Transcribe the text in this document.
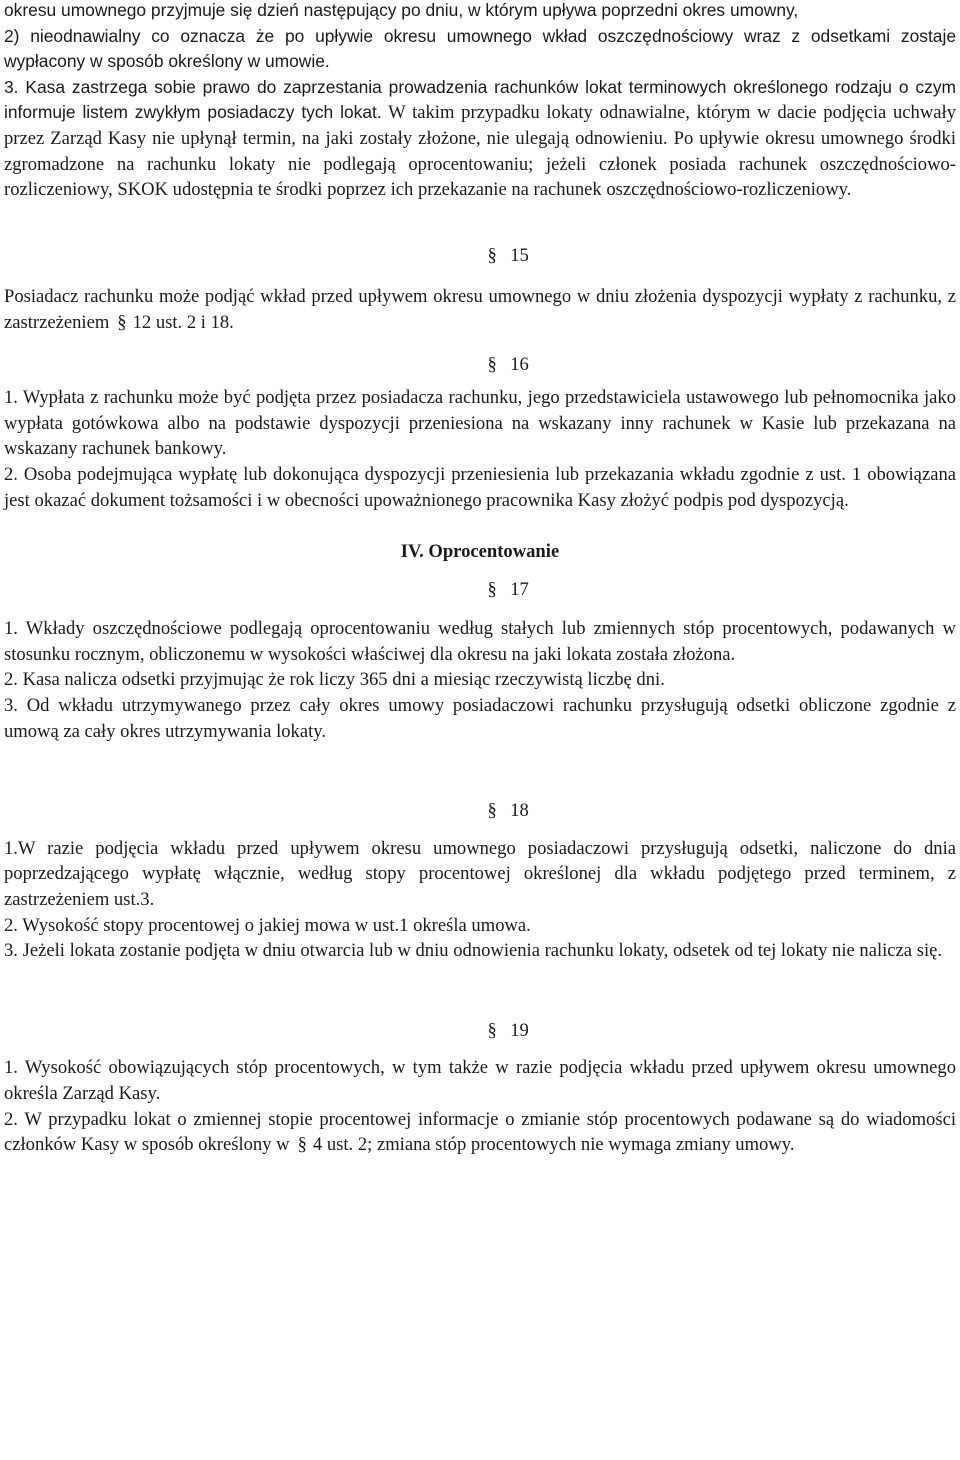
okresu umownego przyjmuje się dzień następujący po dniu, w którym upływa poprzedni okres umowny,
2) nieodnawialny co oznacza że po upływie okresu umownego wkład oszczędnościowy wraz z odsetkami zostaje wypłacony w sposób określony w umowie.

3. Kasa zastrzega sobie prawo do zaprzestania prowadzenia rachunków lokat terminowych określonego rodzaju o czym informuje listem zwykłym posiadaczy tych lokat. W takim przypadku lokaty odnawialne, którym w dacie podjęcia uchwały przez Zarząd Kasy nie upłynął termin, na jaki zostały złożone, nie ulegają odnowieniu. Po upływie okresu umownego środki zgromadzone na rachunku lokaty nie podlegają oprocentowaniu; jeżeli członek posiada rachunek oszczędnościowo-rozliczeniowy, SKOK udostępnia te środki poprzez ich przekazanie na rachunek oszczędnościowo-rozliczeniowy.

§15

Posiadacz rachunku może podjąć wkład przed upływem okresu umownego w dniu złożenia dyspozycji wypłaty z rachunku, z zastrzeżeniem § 12 ust. 2 i 18.

§16

1. Wypłata z rachunku może być podjęta przez posiadacza rachunku, jego przedstawiciela ustawowego lub pełnomocnika jako wypłata gotówkowa albo na podstawie dyspozycji przeniesiona na wskazany inny rachunek w Kasie lub przekazana na wskazany rachunek bankowy.

2. Osoba podejmująca wypłatę lub dokonująca dyspozycji przeniesienia lub przekazania wkładu zgodnie z ust. 1 obowiązana jest okazać dokument tożsamości i w obecności upoważnionego pracownika Kasy złożyć podpis pod dyspozycją.

IV. Oprocentowanie

§17

1. Wkłady oszczędnościowe podlegają oprocentowaniu według stałych lub zmiennych stóp procentowych, podawanych w stosunku rocznym, obliczonemu w wysokości właściwej dla okresu na jaki lokata została złożona.

2. Kasa nalicza odsetki przyjmując że rok liczy 365 dni a miesiąc rzeczywistą liczbę dni.

3. Od wkładu utrzymywanego przez cały okres umowy posiadaczowi rachunku przysługują odsetki obliczone zgodnie z umową za cały okres utrzymywania lokaty.

§18

1.W razie podjęcia wkładu przed upływem okresu umownego posiadaczowi przysługują odsetki, naliczone do dnia poprzedzającego wypłatę włącznie, według stopy procentowej określonej dla wkładu podjętego przed terminem, z zastrzeżeniem ust.3.

2. Wysokość stopy procentowej o jakiej mowa w ust.1 określa umowa.

3. Jeżeli lokata zostanie podjęta w dniu otwarcia lub w dniu odnowienia rachunku lokaty, odsetek od tej lokaty nie nalicza się.

§19

1. Wysokość obowiązujących stóp procentowych, w tym także w razie podjęcia wkładu przed upływem okresu umownego określa Zarząd Kasy.

2. W przypadku lokat o zmiennej stopie procentowej informacje o zmianie stóp procentowych podawane są do wiadomości członków Kasy w sposób określony w § 4 ust. 2; zmiana stóp procentowych nie wymaga zmiany umowy.
